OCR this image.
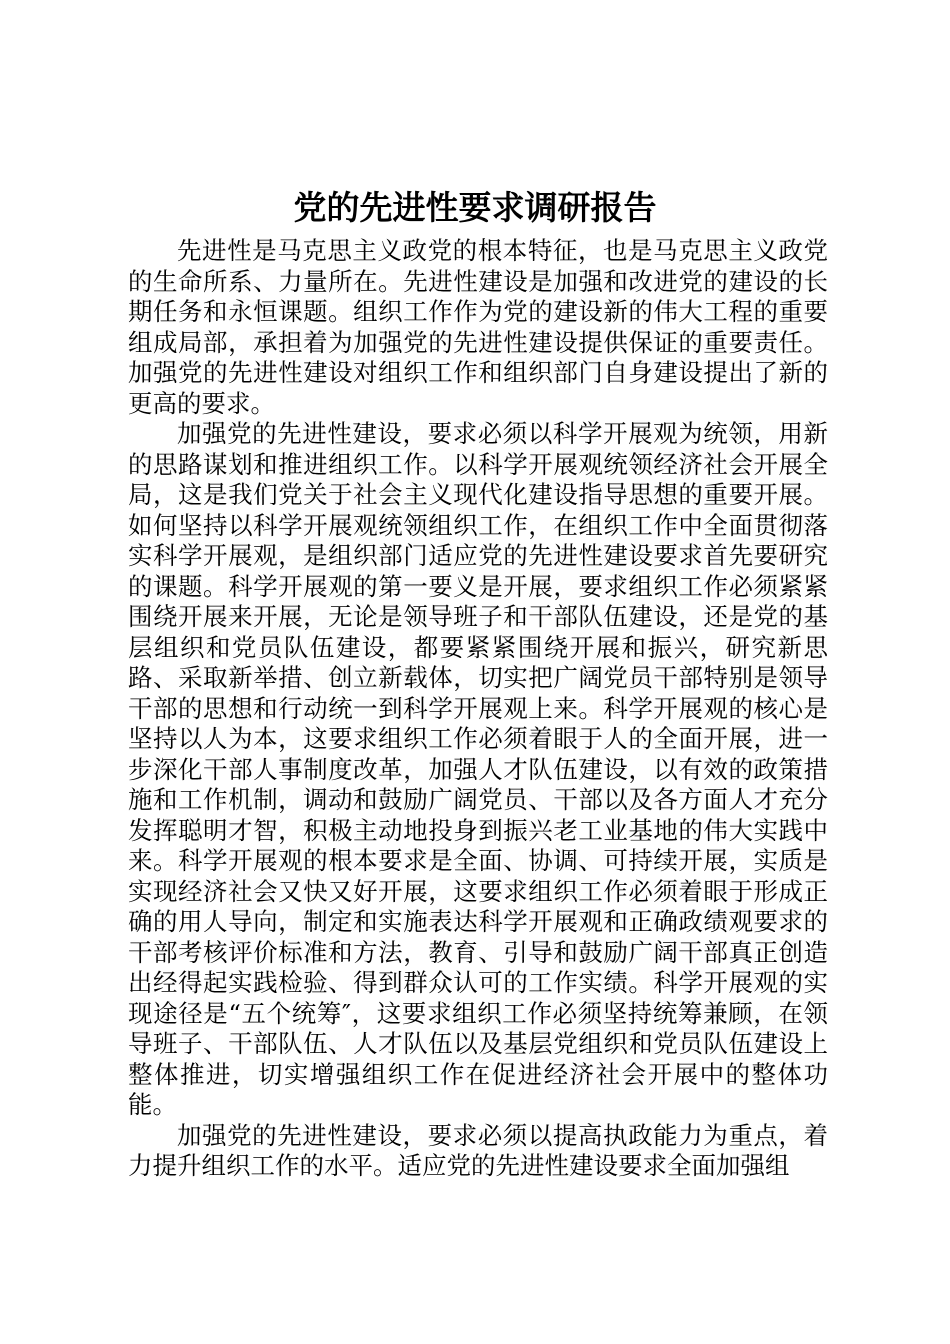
党的先进性要求调研报告

先进性是马克思主义政党的根本特征，也是马克思主义政党的生命所系、力量所在。先进性建设是加强和改进党的建设的长期任务和永恒课题。组织工作作为党的建设新的伟大工程的重要组成局部，承担着为加强党的先进性建设提供保证的重要责任。加强党的先进性建设对组织工作和组织部门自身建设提出了新的更高的要求。

加强党的先进性建设，要求必须以科学开展观为统领，用新的思路谋划和推进组织工作。以科学开展观统领经济社会开展全局，这是我们党关于社会主义现代化建设指导思想的重要开展。如何坚持以科学开展观统领组织工作，在组织工作中全面贯彻落实科学开展观，是组织部门适应党的先进性建设要求首先要研究的课题。科学开展观的第一要义是开展，要求组织工作必须紧紧围绕开展来开展，无论是领导班子和干部队伍建设，还是党的基层组织和党员队伍建设，都要紧紧围绕开展和振兴，研究新思路、采取新举措、创立新载体，切实把广阔党员干部特别是领导干部的思想和行动统一到科学开展观上来。科学开展观的核心是坚持以人为本，这要求组织工作必须着眼于人的全面开展，进一步深化干部人事制度改革，加强人才队伍建设，以有效的政策措施和工作机制，调动和鼓励广阔党员、干部以及各方面人才充分发挥聪明才智，积极主动地投身到振兴老工业基地的伟大实践中来。科学开展观的根本要求是全面、协调、可持续开展，实质是实现经济社会又快又好开展，这要求组织工作必须着眼于形成正确的用人导向，制定和实施表达科学开展观和正确政绩观要求的干部考核评价标准和方法，教育、引导和鼓励广阔干部真正创造出经得起实践检验、得到群众认可的工作实绩。科学开展观的实现途径是“五个统筹″，这要求组织工作必须坚持统筹兼顾，在领导班子、干部队伍、人才队伍以及基层党组织和党员队伍建设上整体推进，切实增强组织工作在促进经济社会开展中的整体功能。

加强党的先进性建设，要求必须以提高执政能力为重点，着力提升组织工作的水平。适应党的先进性建设要求全面加强组
